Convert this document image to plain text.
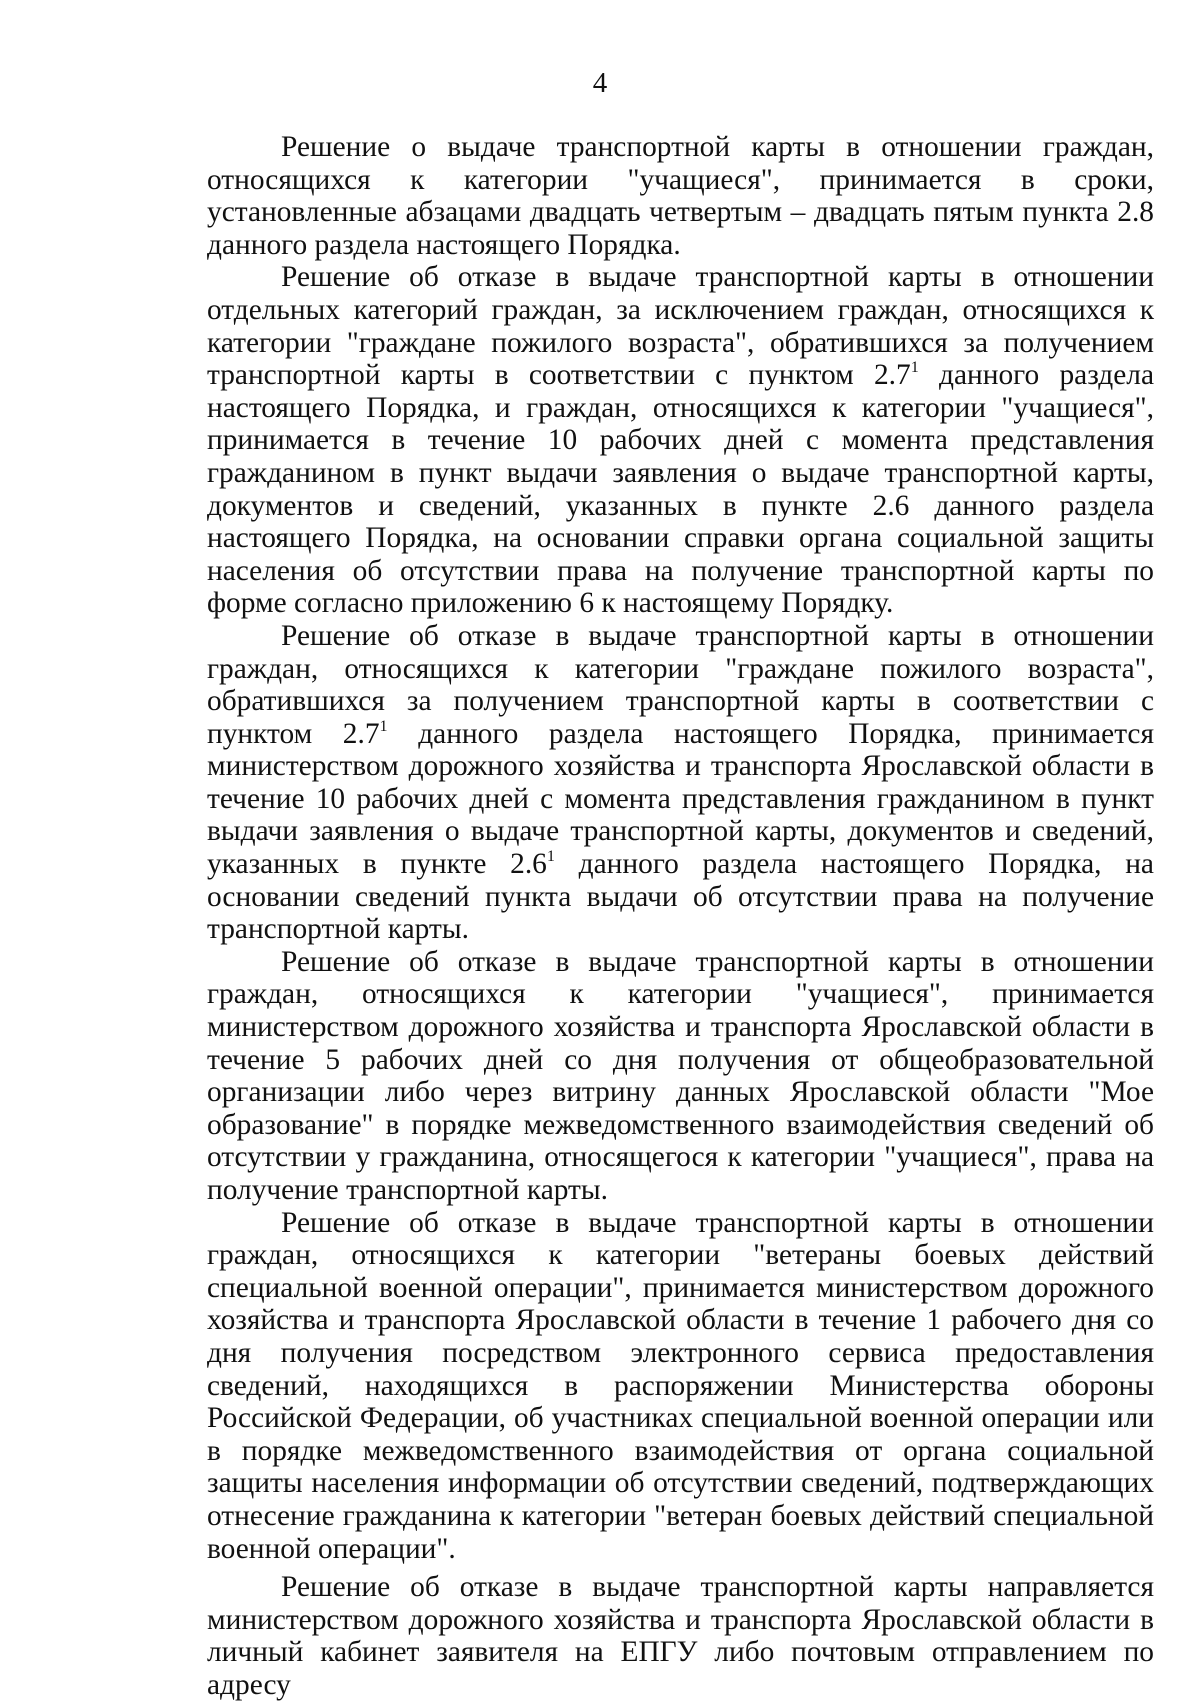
4

Решение о выдаче транспортной карты в отношении граждан, относящихся к категории "учащиеся", принимается в сроки, установленные абзацами двадцать четвертым – двадцать пятым пункта 2.8 данного раздела настоящего Порядка.

Решение об отказе в выдаче транспортной карты в отношении отдельных категорий граждан, за исключением граждан, относящихся к категории "граждане пожилого возраста", обратившихся за получением транспортной карты в соответствии с пунктом $2.7^1$ данного раздела настоящего Порядка, и граждан, относящихся к категории "учащиеся", принимается в течение 10 рабочих дней с момента представления гражданином в пункт выдачи заявления о выдаче транспортной карты, документов и сведений, указанных в пункте 2.6 данного раздела настоящего Порядка, на основании справки органа социальной защиты населения об отсутствии права на получение транспортной карты по форме согласно приложению 6 к настоящему Порядку.

Решение об отказе в выдаче транспортной карты в отношении граждан, относящихся к категории "граждане пожилого возраста", обратившихся за получением транспортной карты в соответствии с пунктом $2.7^1$ данного раздела настоящего Порядка, принимается министерством дорожного хозяйства и транспорта Ярославской области в течение 10 рабочих дней с момента представления гражданином в пункт выдачи заявления о выдаче транспортной карты, документов и сведений, указанных в пункте $2.6^1$ данного раздела настоящего Порядка, на основании сведений пункта выдачи об отсутствии права на получение транспортной карты.

Решение об отказе в выдаче транспортной карты в отношении граждан, относящихся к категории "учащиеся", принимается министерством дорожного хозяйства и транспорта Ярославской области в течение 5 рабочих дней со дня получения от общеобразовательной организации либо через витрину данных Ярославской области "Мое образование" в порядке межведомственного взаимодействия сведений об отсутствии у гражданина, относящегося к категории "учащиеся", права на получение транспортной карты.

Решение об отказе в выдаче транспортной карты в отношении граждан, относящихся к категории "ветераны боевых действий специальной военной операции", принимается министерством дорожного хозяйства и транспорта Ярославской области в течение 1 рабочего дня со дня получения посредством электронного сервиса предоставления сведений, находящихся в распоряжении Министерства обороны Российской Федерации, об участниках специальной военной операции или в порядке межведомственного взаимодействия от органа социальной защиты населения информации об отсутствии сведений, подтверждающих отнесение гражданина к категории "ветеран боевых действий специальной военной операции".

Решение об отказе в выдаче транспортной карты направляется министерством дорожного хозяйства и транспорта Ярославской области в личный кабинет заявителя на ЕПГУ либо почтовым отправлением по адресу
